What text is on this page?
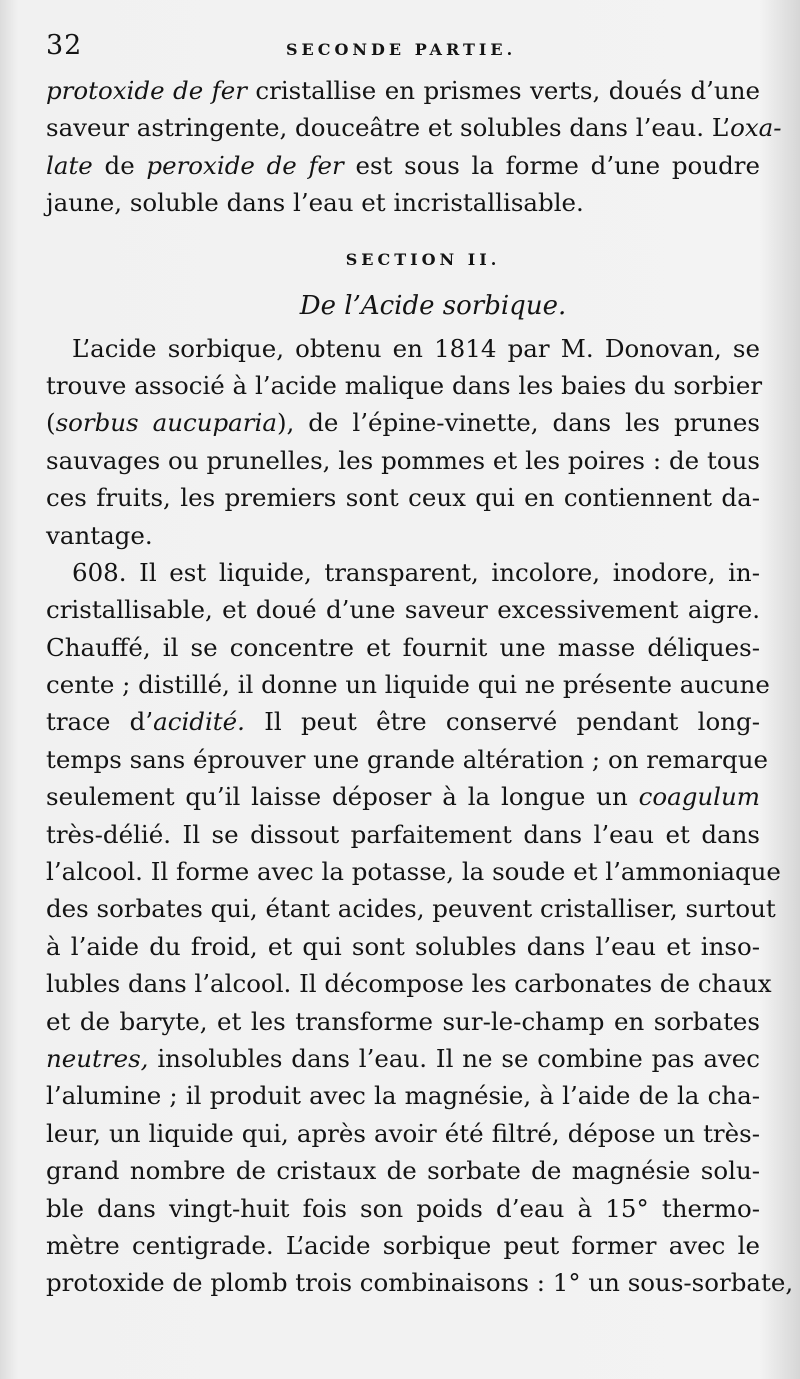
32	SECONDE PARTIE.
protoxide de fer cristallise en prismes verts, doués d’une
saveur astringente, douceâtre et solubles dans l’eau. L’oxa-
late de peroxide de fer est sous la forme d’une poudre
jaune, soluble dans l’eau et incristallisable.
SECTION II.
De l’Acide sorbique.
L’acide sorbique, obtenu en 1814 par M. Donovan, se
trouve associé à l’acide malique dans les baies du sorbier
(sorbus aucuparia), de l’épine-vinette, dans les prunes
sauvages ou prunelles, les pommes et les poires : de tous
ces fruits, les premiers sont ceux qui en contiennent da-
vantage.
608. Il est liquide, transparent, incolore, inodore, in-
cristallisable, et doué d’une saveur excessivement aigre.
Chauffé, il se concentre et fournit une masse déliques-
cente ; distillé, il donne un liquide qui ne présente aucune
trace d’acidité. Il peut être conservé pendant long-
temps sans éprouver une grande altération ; on remarque
seulement qu’il laisse déposer à la longue un coagulum
très-délié. Il se dissout parfaitement dans l’eau et dans
l’alcool. Il forme avec la potasse, la soude et l’ammoniaque
des sorbates qui, étant acides, peuvent cristalliser, surtout
à l’aide du froid, et qui sont solubles dans l’eau et inso-
lubles dans l’alcool. Il décompose les carbonates de chaux
et de baryte, et les transforme sur-le-champ en sorbates
neutres, insolubles dans l’eau. Il ne se combine pas avec
l’alumine ; il produit avec la magnésie, à l’aide de la cha-
leur, un liquide qui, après avoir été filtré, dépose un très-
grand nombre de cristaux de sorbate de magnésie solu-
ble dans vingt-huit fois son poids d’eau à 15° thermo-
mètre centigrade. L’acide sorbique peut former avec le
protoxide de plomb trois combinaisons : 1° un sous-sorbate,
